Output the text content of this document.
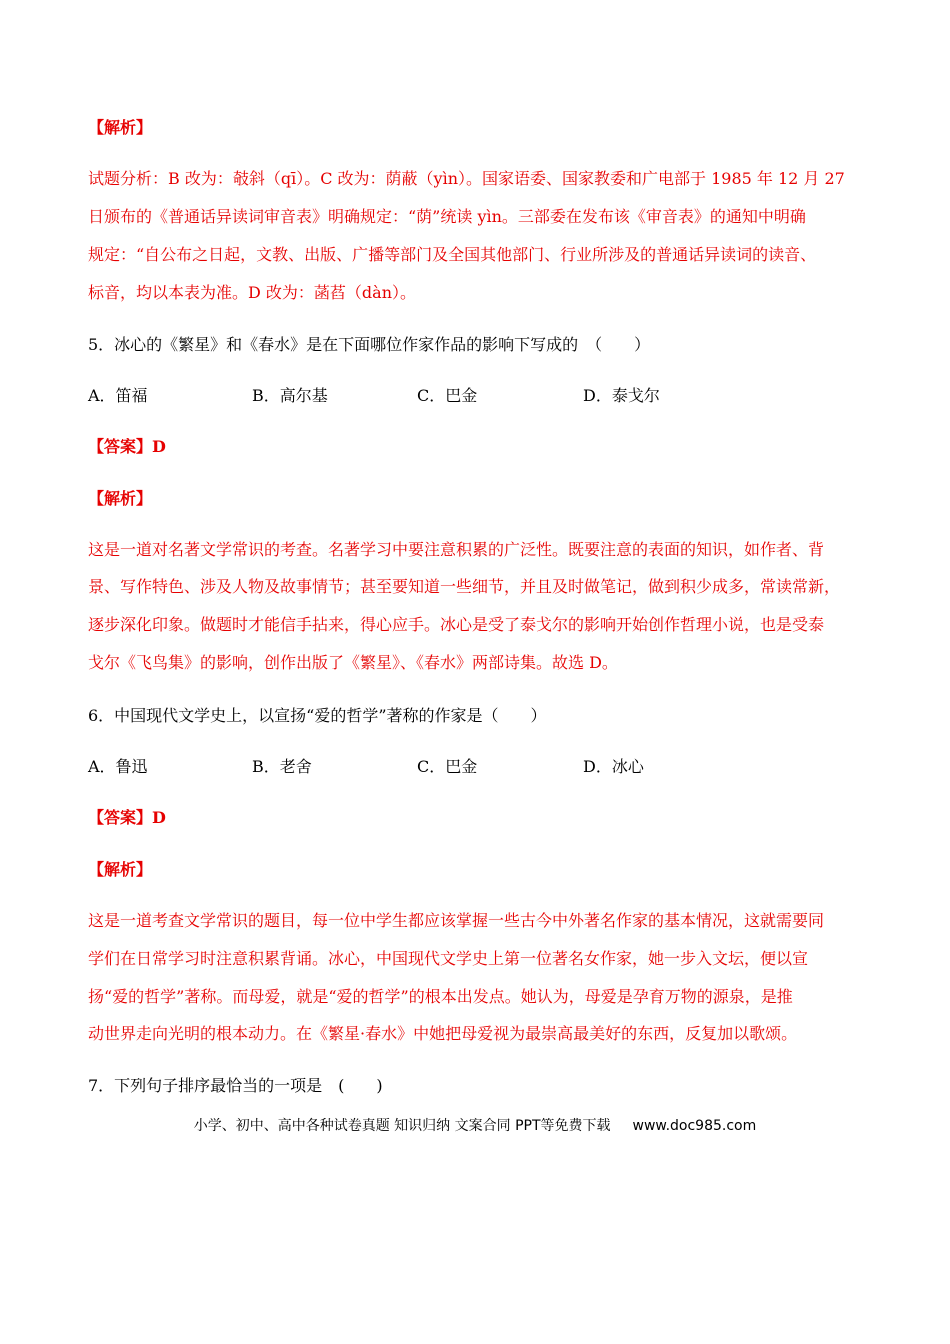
【解析】
试题分析：B 改为：攲斜（qī）。C 改为：荫蔽（yìn）。国家语委、国家教委和广电部于 1985 年 12 月 27
日颁布的《普通话异读词审音表》明确规定：“荫”统读 yìn。三部委在发布该《审音表》的通知中明确
规定：“自公布之日起，文教、出版、广播等部门及全国其他部门、行业所涉及的普通话异读词的读音、
标音，均以本表为准。D 改为：菡萏（dàn）。
5．冰心的《繁星》和《春水》是在下面哪位作家作品的影响下写成的　（　　）
A．笛福	B．高尔基	C．巴金	D．泰戈尔
【答案】D
【解析】
这是一道对名著文学常识的考查。名著学习中要注意积累的广泛性。既要注意的表面的知识，如作者、背
景、写作特色、涉及人物及故事情节；甚至要知道一些细节，并且及时做笔记，做到积少成多，常读常新，
逐步深化印象。做题时才能信手拈来，得心应手。冰心是受了泰戈尔的影响开始创作哲理小说，也是受泰
戈尔《飞鸟集》的影响，创作出版了《繁星》、《春水》两部诗集。故选 D。
6．中国现代文学史上，以宣扬“爱的哲学”著称的作家是（　　）
A．鲁迅	B．老舍	C．巴金	D．冰心
【答案】D
【解析】
这是一道考查文学常识的题目，每一位中学生都应该掌握一些古今中外著名作家的基本情况，这就需要同
学们在日常学习时注意积累背诵。冰心，中国现代文学史上第一位著名女作家，她一步入文坛，便以宣
扬“爱的哲学”著称。而母爱，就是“爱的哲学”的根本出发点。她认为，母爱是孕育万物的源泉，是推
动世界走向光明的根本动力。在《繁星·春水》中她把母爱视为最崇高最美好的东西，反复加以歌颂。
7．下列句子排序最恰当的一项是　(　　)
小学、初中、高中各种试卷真题 知识归纳 文案合同 PPT等免费下载 www.doc985.com
